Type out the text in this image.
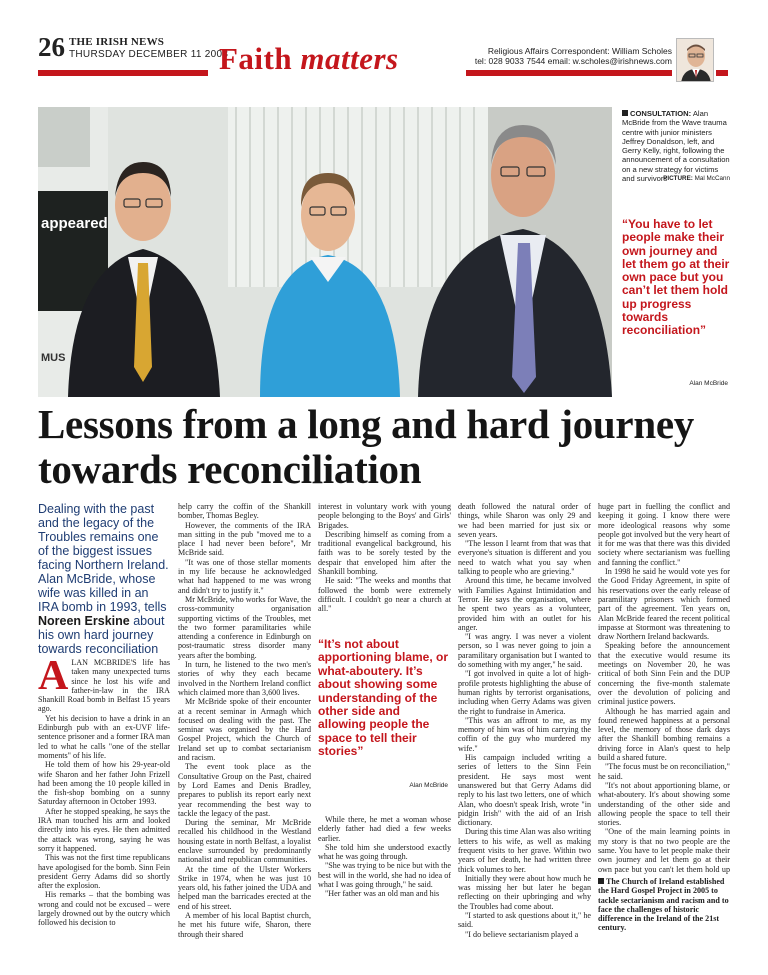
26 THE IRISH NEWS
THURSDAY DECEMBER 11 2008
Faith matters	Religious Affairs Correspondent: William Scholes
tel: 028 9033 7544 email: w.scholes@irishnews.com
appeared
MUS
CONSULTATION: Alan McBride from the Wave trauma centre with junior ministers Jeffrey Donaldson, left, and Gerry Kelly, right, following the announcement of a consultation on a new strategy for victims and survivors
PICTURE: Mal McCann
“You have to let people make their own journey and let them go at their own pace but you can’t let them hold up progress towards reconciliation”
Alan McBride
Lessons from a long and hard journey towards reconciliation
Dealing with the past and the legacy of the Troubles remains one of the biggest issues facing Northern Ireland. Alan McBride, whose wife was killed in an IRA bomb in 1993, tells Noreen Erskine about his own hard journey towards reconciliation

ALAN MCBRIDE'S life has taken many unexpected turns since he lost his wife and father-in-law in the IRA Shankill Road bomb in Belfast 15 years ago.

Yet his decision to have a drink in an Edinburgh pub with an ex-UVF life-sentence prisoner and a former IRA man led to what he calls "one of the stellar moments" of his life.

He told them of how his 29-year-old wife Sharon and her father John Frizell had been among the 10 people killed in the fish-shop bombing on a sunny Saturday afternoon in October 1993.

After he stopped speaking, he says the IRA man touched his arm and looked directly into his eyes. He then admitted the attack was wrong, saying he was sorry it happened.

This was not the first time republicans have apologised for the bomb. Sinn Fein president Gerry Adams did so shortly after the explosion.

His remarks – that the bombing was wrong and could not be excused – were largely drowned out by the outcry which followed his decision to

help carry the coffin of the Shankill bomber, Thomas Begley.

However, the comments of the IRA man sitting in the pub "moved me to a place I had never been before", Mr McBride said.

"It was one of those stellar moments in my life because he acknowledged what had happened to me was wrong and didn't try to justify it."

Mr McBride, who works for Wave, the cross-community organisation supporting victims of the Troubles, met the two former paramilitaries while attending a conference in Edinburgh on post-traumatic stress disorder many years after the bombing.

In turn, he listened to the two men's stories of why they each became involved in the Northern Ireland conflict which claimed more than 3,600 lives.

Mr McBride spoke of their encounter at a recent seminar in Armagh which focused on dealing with the past. The seminar was organised by the Hard Gospel Project, which the Church of Ireland set up to combat sectarianism and racism.

The event took place as the Consultative Group on the Past, chaired by Lord Eames and Denis Bradley, prepares to publish its report early next year recommending the best way to tackle the legacy of the past.

During the seminar, Mr McBride recalled his childhood in the Westland housing estate in north Belfast, a loyalist enclave surrounded by predominantly nationalist and republican communities.

At the time of the Ulster Workers Strike in 1974, when he was just 10 years old, his father joined the UDA and helped man the barricades erected at the end of his street.

A member of his local Baptist church, he met his future wife, Sharon, there through their shared

interest in voluntary work with young people belonging to the Boys' and Girls' Brigades.

Describing himself as coming from a traditional evangelical background, his faith was to be sorely tested by the despair that enveloped him after the Shankill bombing.

He said: "The weeks and months that followed the bomb were extremely difficult. I couldn't go near a church at all."

“It’s not about apportioning blame, or what-aboutery. It’s about showing some understanding of the other side and allowing people the space to tell their stories”
Alan McBride

While there, he met a woman whose elderly father had died a few weeks earlier.

She told him she understood exactly what he was going through.

"She was trying to be nice but with the best will in the world, she had no idea of what I was going through," he said.

"Her father was an old man and his

death followed the natural order of things, while Sharon was only 29 and we had been married for just six or seven years.

"The lesson I learnt from that was that everyone's situation is different and you need to watch what you say when talking to people who are grieving."

Around this time, he became involved with Families Against Intimidation and Terror. He says the organisation, where he spent two years as a volunteer, provided him with an outlet for his anger.

"I was angry. I was never a violent person, so I was never going to join a paramilitary organisation but I wanted to do something with my anger," he said.

"I got involved in quite a lot of high-profile protests highlighting the abuse of human rights by terrorist organisations, including when Gerry Adams was given the right to fundraise in America.

"This was an affront to me, as my memory of him was of him carrying the coffin of the guy who murdered my wife."

His campaign included writing a series of letters to the Sinn Fein president. He says most went unanswered but that Gerry Adams did reply to his last two letters, one of which Alan, who doesn't speak Irish, wrote "in pidgin Irish" with the aid of an Irish dictionary.

During this time Alan was also writing letters to his wife, as well as making frequent visits to her grave. Within two years of her death, he had written three thick volumes to her.

Initially they were about how much he was missing her but later he began reflecting on their upbringing and why the Troubles had come about.

"I started to ask questions about it," he said.

"I do believe sectarianism played a

huge part in fuelling the conflict and keeping it going. I know there were more ideological reasons why some people got involved but the very heart of it for me was that there was this divided society where sectarianism was fuelling and fanning the conflict."

In 1998 he said he would vote yes for the Good Friday Agreement, in spite of his reservations over the early release of paramilitary prisoners which formed part of the agreement. Ten years on, Alan McBride feared the recent political impasse at Stormont was threatening to draw Northern Ireland backwards.

Speaking before the announcement that the executive would resume its meetings on November 20, he was critical of both Sinn Fein and the DUP concerning the five-month stalemate over the devolution of policing and criminal justice powers.

Although he has married again and found renewed happiness at a personal level, the memory of those dark days after the Shankill bombing remains a driving force in Alan's quest to help build a shared future.

"The focus must be on reconciliation," he said.

"It's not about apportioning blame, or what-aboutery. It's about showing some understanding of the other side and allowing people the space to tell their stories.

"One of the main learning points in my story is that no two people are the same. You have to let people make their own journey and let them go at their own pace but you can't let them hold up

The Church of Ireland established the Hard Gospel Project in 2005 to tackle sectarianism and racism and to face the challenges of historic difference in the Ireland of the 21st century.
